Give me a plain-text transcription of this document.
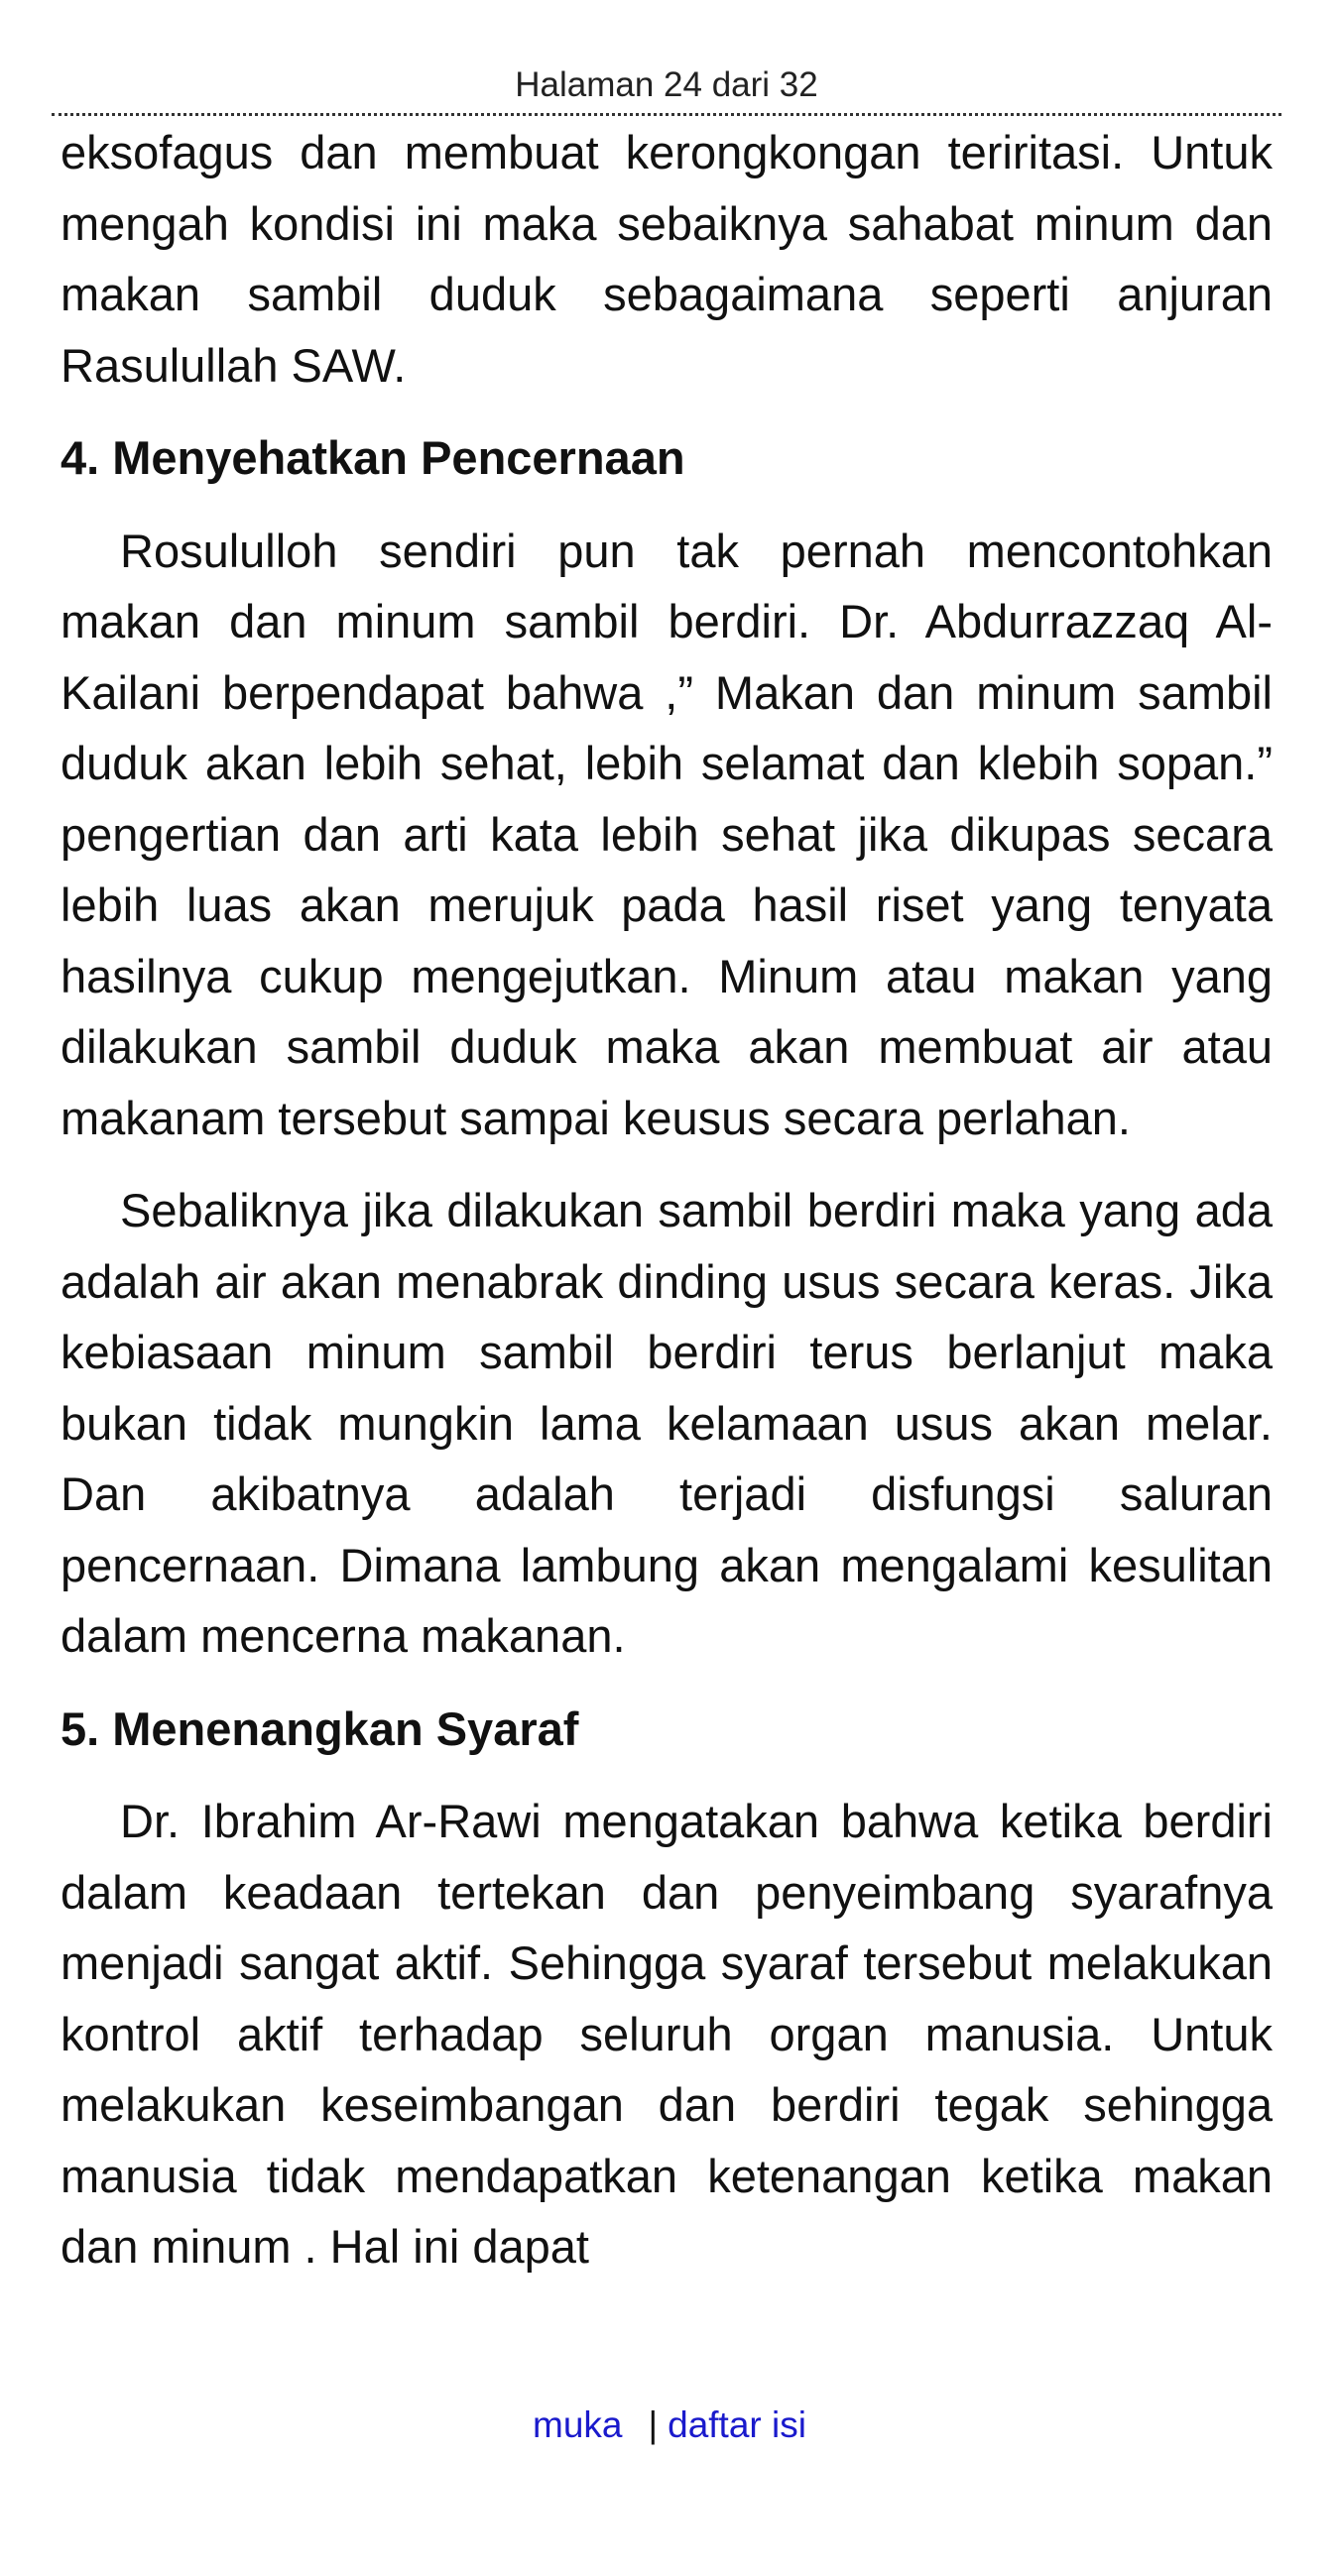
Halaman 24 dari 32

eksofagus dan membuat kerongkongan teriritasi. Untuk mengah kondisi ini maka sebaiknya sahabat minum dan makan sambil duduk sebagaimana seperti anjuran Rasulullah SAW.

4. Menyehatkan Pencernaan

Rosululloh sendiri pun tak pernah mencontohkan makan dan minum sambil berdiri. Dr. Abdurrazzaq Al-Kailani berpendapat bahwa ,” Makan dan minum sambil duduk akan lebih sehat, lebih selamat dan klebih sopan.” pengertian dan arti kata lebih sehat jika dikupas secara lebih luas akan merujuk pada hasil riset yang tenyata hasilnya cukup mengejutkan. Minum atau makan yang dilakukan sambil duduk maka akan membuat air atau makanam tersebut sampai keusus secara perlahan.

Sebaliknya jika dilakukan sambil berdiri maka yang ada adalah air akan menabrak dinding usus secara keras. Jika kebiasaan minum sambil berdiri terus berlanjut maka bukan tidak mungkin lama kelamaan usus akan melar. Dan akibatnya adalah terjadi disfungsi saluran pencernaan. Dimana lambung akan mengalami kesulitan dalam mencerna makanan.

5. Menenangkan Syaraf

Dr. Ibrahim Ar-Rawi mengatakan bahwa ketika berdiri dalam keadaan tertekan dan penyeimbang syarafnya menjadi sangat aktif. Sehingga syaraf tersebut melakukan kontrol aktif terhadap seluruh organ manusia. Untuk melakukan keseimbangan dan berdiri tegak sehingga manusia tidak mendapatkan ketenangan ketika makan dan minum . Hal ini dapat

muka | daftar isi
